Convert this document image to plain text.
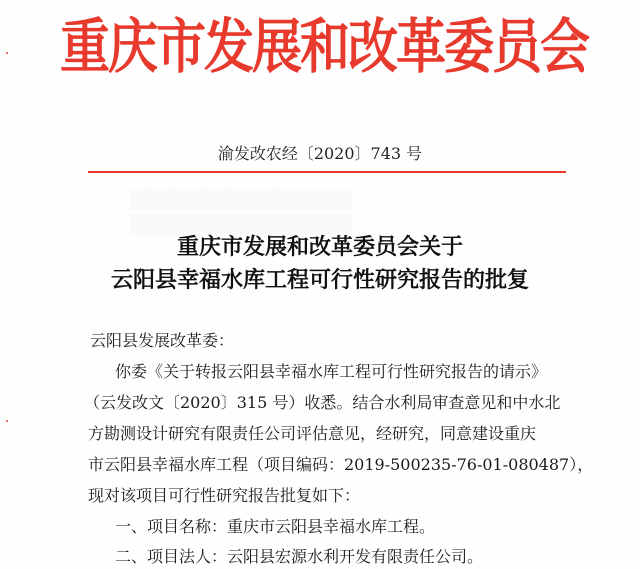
▒▒▒▒▒▒▒▒▒▒▒▒▒▒▒▒
▒▒▒▒▒▒▒▒▒▒▒▒▒▒▒▒
重庆市发展和改革委员会
渝发改农经〔2020〕743 号
重庆市发展和改革委员会关于
云阳县幸福水库工程可行性研究报告的批复
云阳县发展改革委：
你委《关于转报云阳县幸福水库工程可行性研究报告的请示》
（云发改文〔2020〕315 号）收悉。结合水利局审查意见和中水北
方勘测设计研究有限责任公司评估意见，经研究，同意建设重庆
市云阳县幸福水库工程（项目编码：2019-500235-76-01-080487），
现对该项目可行性研究报告批复如下：
一、项目名称：重庆市云阳县幸福水库工程。
二、项目法人：云阳县宏源水利开发有限责任公司。
